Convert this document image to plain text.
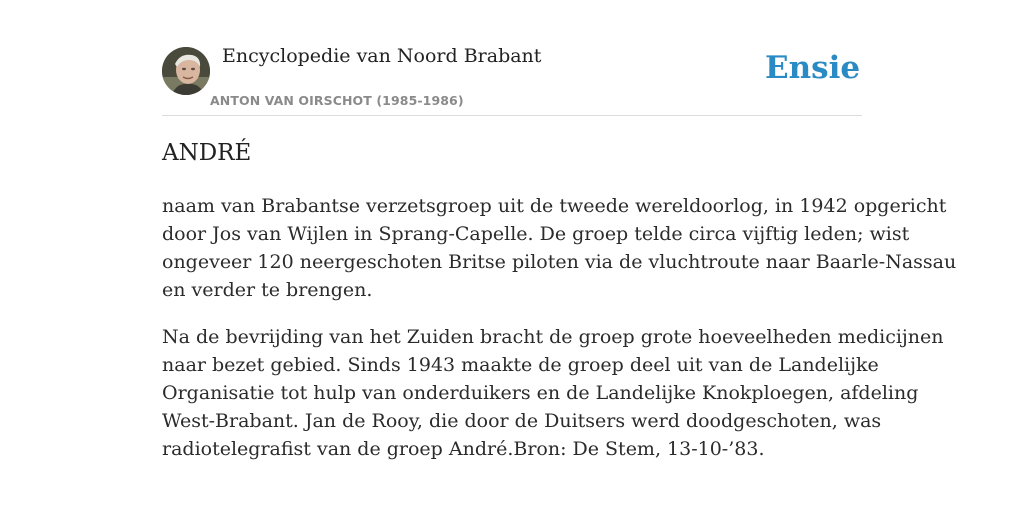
Encyclopedie van Noord Brabant
ANTON VAN OIRSCHOT (1985-1986)
Ensie
ANDRÉ

naam van Brabantse verzetsgroep uit de tweede wereldoorlog, in 1942 opgericht
door Jos van Wijlen in Sprang-Capelle. De groep telde circa vijftig leden; wist
ongeveer 120 neergeschoten Britse piloten via de vluchtroute naar Baarle-Nassau
en verder te brengen.

Na de bevrijding van het Zuiden bracht de groep grote hoeveelheden medicijnen
naar bezet gebied. Sinds 1943 maakte de groep deel uit van de Landelijke
Organisatie tot hulp van onderduikers en de Landelijke Knokploegen, afdeling
West-Brabant. Jan de Rooy, die door de Duitsers werd doodgeschoten, was
radiotelegrafist van de groep André.Bron: De Stem, 13-10-’83.
